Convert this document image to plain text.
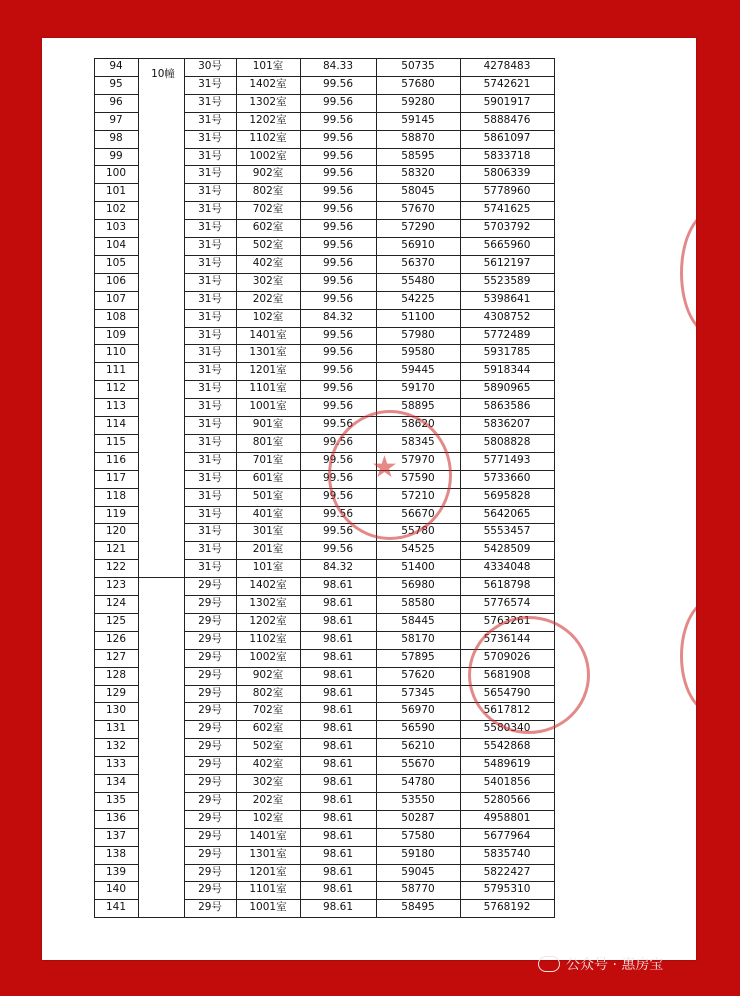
10幢
94	30号	101室	84.33	50735	4278483
95	31号	1402室	99.56	57680	5742621
96	31号	1302室	99.56	59280	5901917
97	31号	1202室	99.56	59145	5888476
98	31号	1102室	99.56	58870	5861097
99	31号	1002室	99.56	58595	5833718
100	31号	902室	99.56	58320	5806339
101	31号	802室	99.56	58045	5778960
102	31号	702室	99.56	57670	5741625
103	31号	602室	99.56	57290	5703792
104	31号	502室	99.56	56910	5665960
105	31号	402室	99.56	56370	5612197
106	31号	302室	99.56	55480	5523589
107	31号	202室	99.56	54225	5398641
108	31号	102室	84.32	51100	4308752
109	31号	1401室	99.56	57980	5772489
110	31号	1301室	99.56	59580	5931785
111	31号	1201室	99.56	59445	5918344
112	31号	1101室	99.56	59170	5890965
113	31号	1001室	99.56	58895	5863586
114	31号	901室	99.56	58620	5836207
115	31号	801室	99.56	58345	5808828
116	31号	701室	99.56	57970	5771493
117	31号	601室	99.56	57590	5733660
118	31号	501室	99.56	57210	5695828
119	31号	401室	99.56	56670	5642065
120	31号	301室	99.56	55780	5553457
121	31号	201室	99.56	54525	5428509
122	31号	101室	84.32	51400	4334048
123	29号	1402室	98.61	56980	5618798
124	29号	1302室	98.61	58580	5776574
125	29号	1202室	98.61	58445	5763261
126	29号	1102室	98.61	58170	5736144
127	29号	1002室	98.61	57895	5709026
128	29号	902室	98.61	57620	5681908
129	29号	802室	98.61	57345	5654790
130	29号	702室	98.61	56970	5617812
131	29号	602室	98.61	56590	5580340
132	29号	502室	98.61	56210	5542868
133	29号	402室	98.61	55670	5489619
134	29号	302室	98.61	54780	5401856
135	29号	202室	98.61	53550	5280566
136	29号	102室	98.61	50287	4958801
137	29号	1401室	98.61	57580	5677964
138	29号	1301室	98.61	59180	5835740
139	29号	1201室	98.61	59045	5822427
140	29号	1101室	98.61	58770	5795310
141	29号	1001室	98.61	58495	5768192
★
公众号 · 惠房宝
